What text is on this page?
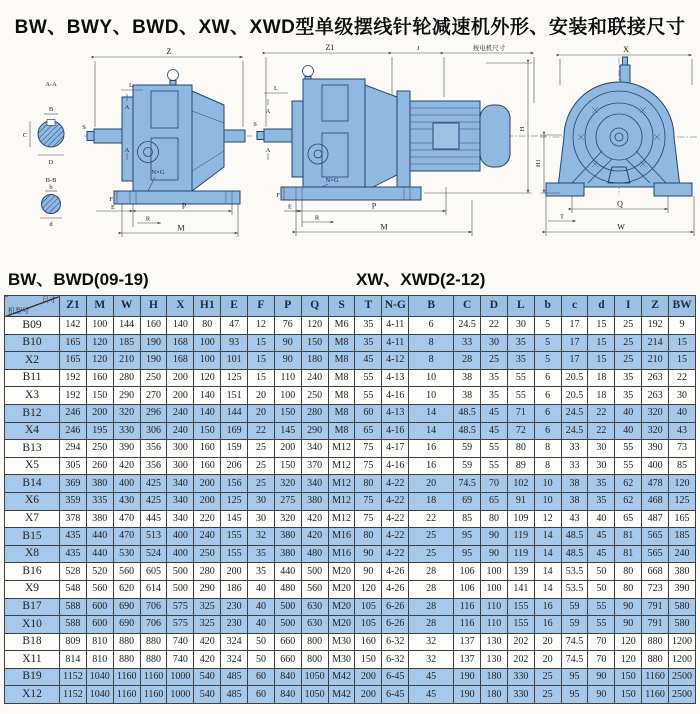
BW、BWY、BWD、XW、XWD型单级摆线针轮减速机外形、安装和联接尺寸
A-A
B
C
D
B-B
b
d
Z
A
A
L
S
N×G
F
E	P
R
M
Z1	J	按电机尺寸
L
A
A
S
N×G
F
E	P
R
M
H
X
H1
Q
T
W
BW、BWD(09-19)	XW、XWD(2-12)
尺寸
机型号	Z1	M	W	H	X	H1	E	F	P	Q	S	T	N-G	B	C	D	L	b	c	d	I	Z	BW
B09	142	100	144	160	140	80	47	12	76	120	M6	35	4-11	6	24.5	22	30	5	17	15	25	192	9
B10	165	120	185	190	168	100	93	15	90	150	M8	35	4-11	8	33	30	35	5	17	15	25	214	15
X2	165	120	210	190	168	100	101	15	90	180	M8	45	4-12	8	28	25	35	5	17	15	25	210	15
B11	192	160	280	250	200	120	125	15	110	240	M8	55	4-13	10	38	35	55	6	20.5	18	35	263	22
X3	192	150	290	270	200	140	151	20	100	250	M8	55	4-16	10	38	35	55	6	20.5	18	35	263	30
B12	246	200	320	296	240	140	144	20	150	280	M8	60	4-13	14	48.5	45	71	6	24.5	22	40	320	40
X4	246	195	330	306	240	150	169	22	145	290	M8	65	4-16	14	48.5	45	72	6	24.5	22	40	320	43
B13	294	250	390	356	300	160	159	25	200	340	M12	75	4-17	16	59	55	80	8	33	30	55	390	73
X5	305	260	420	356	300	160	206	25	150	370	M12	75	4-16	16	59	55	89	8	33	30	55	400	85
B14	369	380	400	425	340	200	156	25	320	340	M12	80	4-22	20	74.5	70	102	10	38	35	62	478	120
X6	359	335	430	425	340	200	125	30	275	380	M12	75	4-22	18	69	65	91	10	38	35	62	468	125
X7	378	380	470	445	340	220	145	30	320	420	M12	75	4-22	22	85	80	109	12	43	40	65	487	165
B15	435	440	470	513	400	240	155	32	380	420	M16	80	4-22	25	95	90	119	14	48.5	45	81	565	185
X8	435	440	530	524	400	250	155	35	380	480	M16	90	4-22	25	95	90	119	14	48.5	45	81	565	240
B16	528	520	560	605	500	280	200	35	440	500	M20	90	4-26	28	106	100	139	14	53.5	50	80	668	380
X9	548	560	620	614	500	290	186	40	480	560	M20	120	4-26	28	106	100	141	14	53.5	50	80	723	390
B17	588	600	690	706	575	325	230	40	500	630	M20	105	6-26	28	116	110	155	16	59	55	90	791	580
X10	588	600	690	706	575	325	230	40	500	630	M20	105	6-26	28	116	110	155	16	59	55	90	791	580
B18	809	810	880	880	740	420	324	50	660	800	M30	160	6-32	32	137	130	202	20	74.5	70	120	880	1200
X11	814	810	880	880	740	420	324	50	660	800	M30	150	6-32	32	137	130	202	20	74.5	70	120	880	1200
B19	1152	1040	1160	1160	1000	540	485	60	840	1050	M42	200	6-45	45	190	180	330	25	95	90	150	1160	2500
X12	1152	1040	1160	1160	1000	540	485	60	840	1050	M42	200	6-45	45	190	180	330	25	95	90	150	1160	2500
